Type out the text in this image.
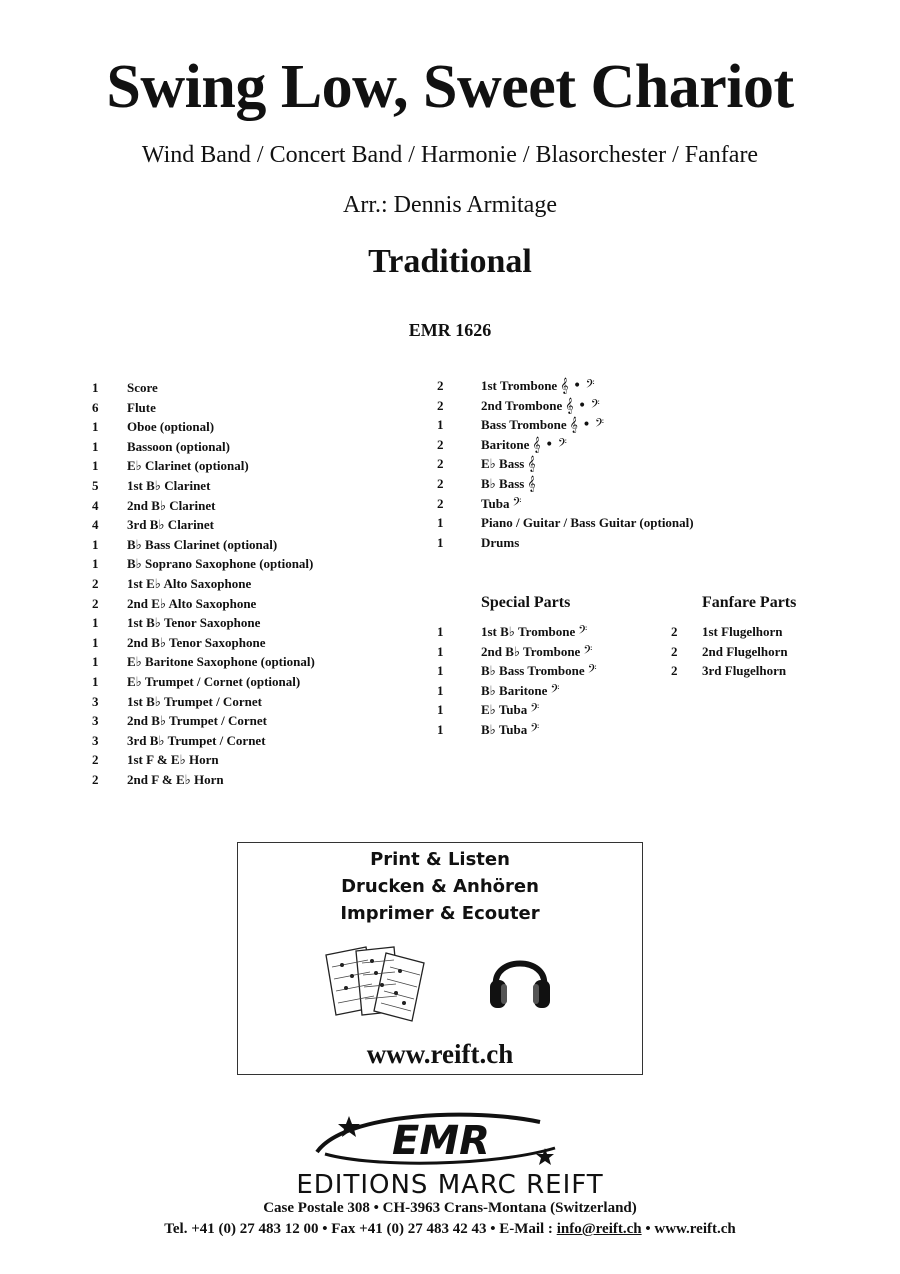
Swing Low, Sweet Chariot
Wind Band / Concert Band / Harmonie / Blasorchester / Fanfare
Arr.: Dennis Armitage
Traditional
EMR 1626
1 Score
6 Flute
1 Oboe (optional)
1 Bassoon (optional)
1 E♭ Clarinet (optional)
5 1st B♭ Clarinet
4 2nd B♭ Clarinet
4 3rd B♭ Clarinet
1 B♭ Bass Clarinet (optional)
1 B♭ Soprano Saxophone (optional)
2 1st E♭ Alto Saxophone
2 2nd E♭ Alto Saxophone
1 1st B♭ Tenor Saxophone
1 2nd B♭ Tenor Saxophone
1 E♭ Baritone Saxophone (optional)
1 E♭ Trumpet / Cornet (optional)
3 1st B♭ Trumpet / Cornet
3 2nd B♭ Trumpet / Cornet
3 3rd B♭ Trumpet / Cornet
2 1st F & E♭ Horn
2 2nd F & E♭ Horn
2	1st Trombone 𝄞 • 𝄢
2	2nd Trombone 𝄞 • 𝄢
1	Bass Trombone 𝄞 • 𝄢
2	Baritone 𝄞 • 𝄢
2	E♭ Bass 𝄞
2	B♭ Bass 𝄞
2	Tuba 𝄢
1	Piano / Guitar / Bass Guitar (optional)
1	Drums
Special Parts
1	1st B♭ Trombone 𝄢
1	2nd B♭ Trombone 𝄢
1	B♭ Bass Trombone 𝄢
1	B♭ Baritone 𝄢
1	E♭ Tuba 𝄢
1	B♭ Tuba 𝄢
Fanfare Parts
2 1st Flugelhorn
2 2nd Flugelhorn
2 3rd Flugelhorn
Print & Listen
Drucken & Anhören
Imprimer & Ecouter
www.reift.ch
EMR
EDITIONS MARC REIFT
Case Postale 308 • CH-3963 Crans-Montana (Switzerland)
Tel. +41 (0) 27 483 12 00 • Fax +41 (0) 27 483 42 43 • E-Mail : info@reift.ch • www.reift.ch
